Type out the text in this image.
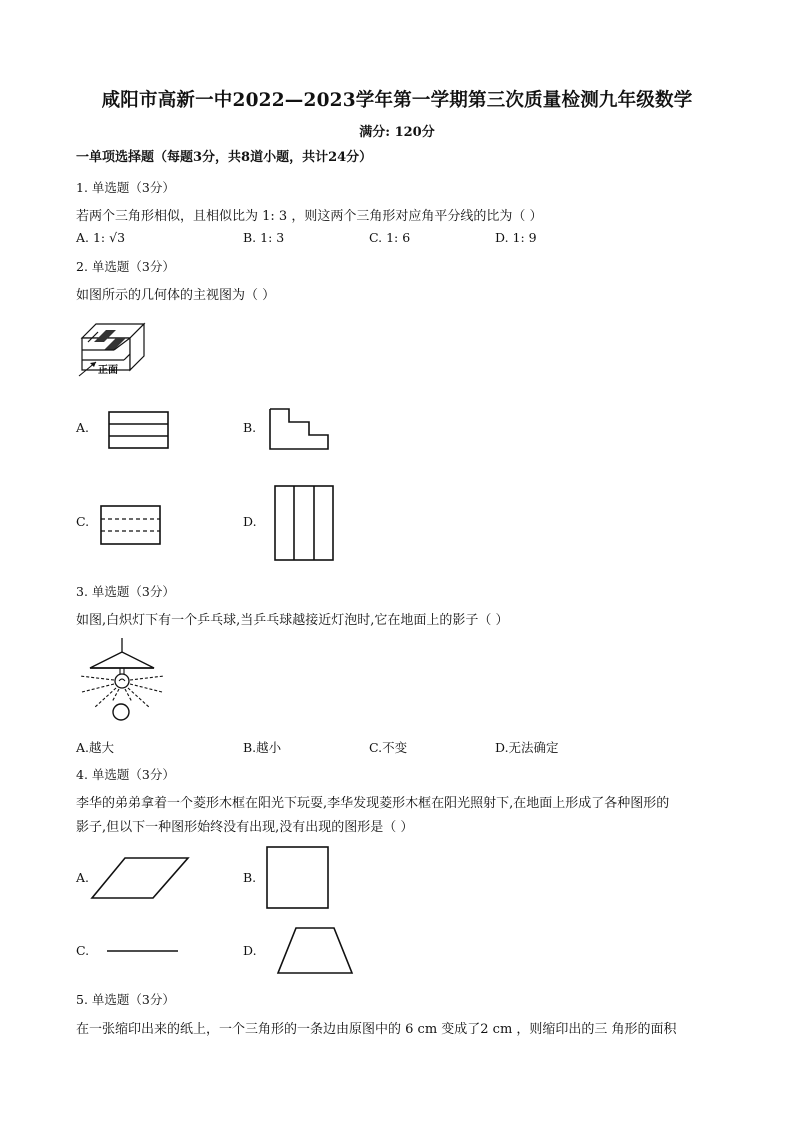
咸阳市高新一中2022—2023学年第一学期第三次质量检测九年级数学
满分: 120分
一单项选择题（每题3分，共8道小题，共计24分）
1. 单选题（3分）
若两个三角形相似，且相似比为 1: 3 ，则这两个三角形对应角平分线的比为（ ）
A. 1: √3	B. 1: 3	C. 1: 6	D. 1: 9
2. 单选题（3分）
如图所示的几何体的主视图为（ ）
正面
A.	B.
C.	D.
3. 单选题（3分）
如图,白炽灯下有一个乒乓球,当乒乓球越接近灯泡时,它在地面上的影子（ ）
A.越大	B.越小	C.不变	D.无法确定
4. 单选题（3分）
李华的弟弟拿着一个菱形木框在阳光下玩耍,李华发现菱形木框在阳光照射下,在地面上形成了各种图形的
影子,但以下一种图形始终没有出现,没有出现的图形是（ ）
A.	B.
C.	D.
5. 单选题（3分）
在一张缩印出来的纸上，一个三角形的一条边由原图中的 6 cm 变成了2 cm ，则缩印出的三 角形的面积
